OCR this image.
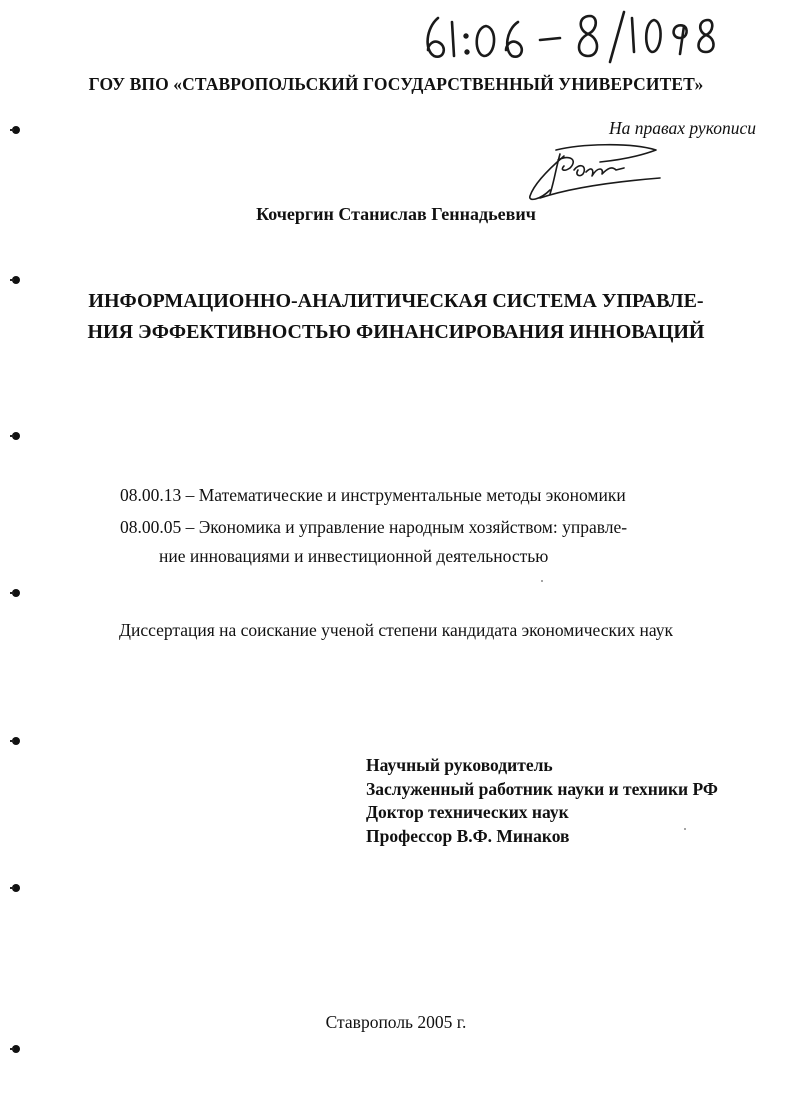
ГОУ ВПО «СТАВРОПОЛЬСКИЙ ГОСУДАРСТВЕННЫЙ УНИВЕРСИТЕТ»
На правах рукописи
Кочергин Станислав Геннадьевич
ИНФОРМАЦИОННО-АНАЛИТИЧЕСКАЯ СИСТЕМА УПРАВЛЕ-
НИЯ ЭФФЕКТИВНОСТЬЮ ФИНАНСИРОВАНИЯ ИННОВАЦИЙ
08.00.13 – Математические и инструментальные методы экономики
08.00.05 – Экономика и управление народным хозяйством: управле-
ние инновациями и инвестиционной деятельностью
Диссертация на соискание ученой степени кандидата экономических наук
Научный руководитель
Заслуженный работник науки и техники РФ
Доктор технических наук
Профессор В.Ф. Минаков
Ставрополь 2005 г.
